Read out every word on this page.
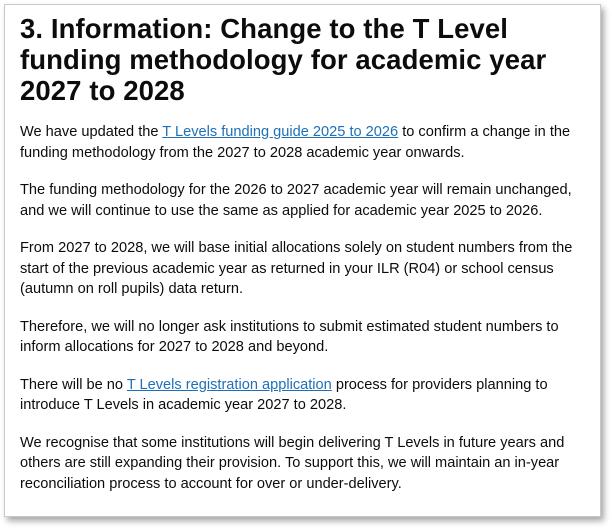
3. Information: Change to the T Level
funding methodology for academic year
2027 to 2028

We have updated the T Levels funding guide 2025 to 2026 to confirm a change in the
funding methodology from the 2027 to 2028 academic year onwards.

The funding methodology for the 2026 to 2027 academic year will remain unchanged,
and we will continue to use the same as applied for academic year 2025 to 2026.

From 2027 to 2028, we will base initial allocations solely on student numbers from the
start of the previous academic year as returned in your ILR (R04) or school census
(autumn on roll pupils) data return.

Therefore, we will no longer ask institutions to submit estimated student numbers to
inform allocations for 2027 to 2028 and beyond.

There will be no T Levels registration application process for providers planning to
introduce T Levels in academic year 2027 to 2028.

We recognise that some institutions will begin delivering T Levels in future years and
others are still expanding their provision. To support this, we will maintain an in-year
reconciliation process to account for over or under-delivery.
